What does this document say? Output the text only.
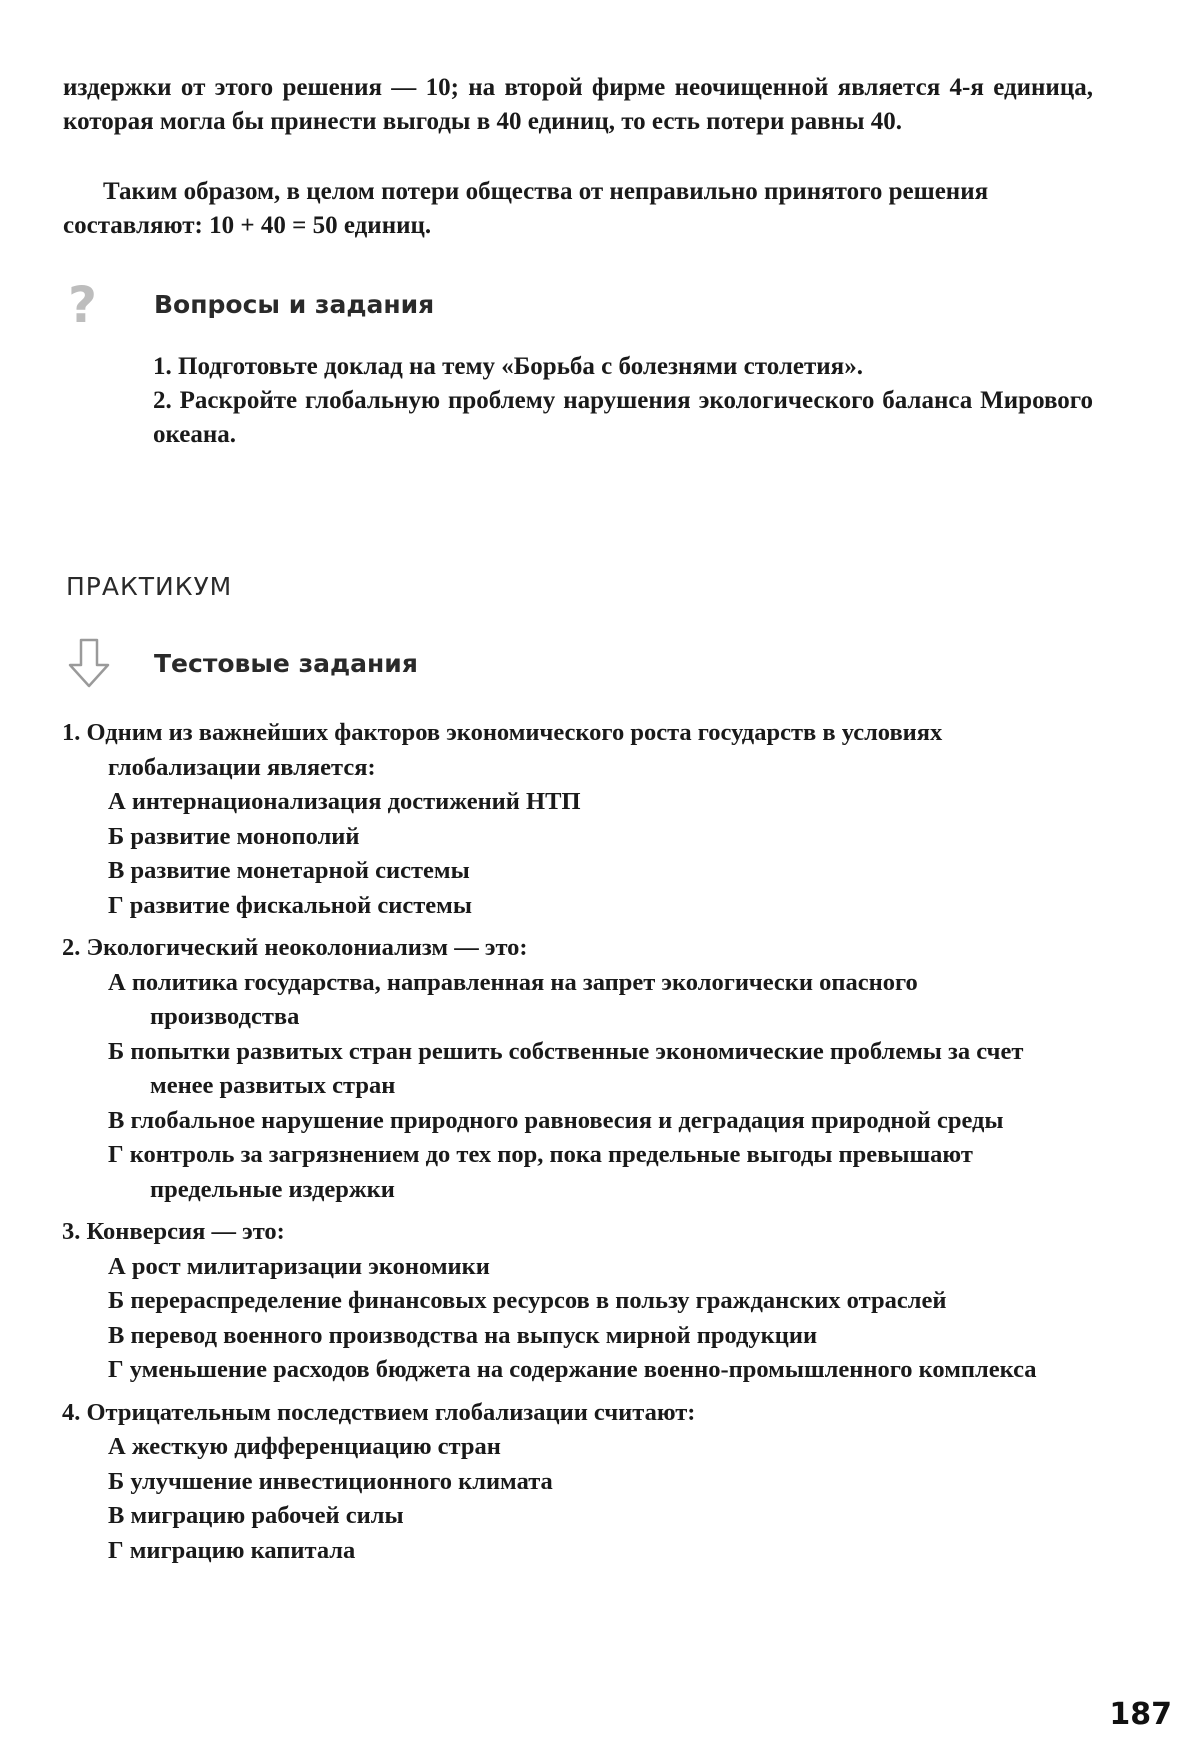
издержки от этого решения — 10; на второй фирме неочищенной является 4-я единица, которая могла бы принести выгоды в 40 единиц, то есть потери равны 40.

Таким образом, в целом потери общества от неправильно принятого решения составляют: 10 + 40 = 50 единиц.

? Вопросы и задания

1. Подготовьте доклад на тему «Борьба с болезнями столетия».

2. Раскройте глобальную проблему нарушения экологического баланса Мирового океана.

ПРАКТИКУМ
Тестовые задания
1. Одним из важнейших факторов экономического роста государств в условиях глобализации является:
А интернационализация достижений НТП
Б развитие монополий
В развитие монетарной системы
Г развитие фискальной системы
2. Экологический неоколониализм — это:
А политика государства, направленная на запрет экологически опасного производства
Б попытки развитых стран решить собственные экономические проблемы за счет менее развитых стран
В глобальное нарушение природного равновесия и деградация природной среды
Г контроль за загрязнением до тех пор, пока предельные выгоды превышают предельные издержки
3. Конверсия — это:
А рост милитаризации экономики
Б перераспределение финансовых ресурсов в пользу гражданских отраслей
В перевод военного производства на выпуск мирной продукции
Г уменьшение расходов бюджета на содержание военно-промышленного комплекса
4. Отрицательным последствием глобализации считают:
А жесткую дифференциацию стран
Б улучшение инвестиционного климата
В миграцию рабочей силы
Г миграцию капитала
187
